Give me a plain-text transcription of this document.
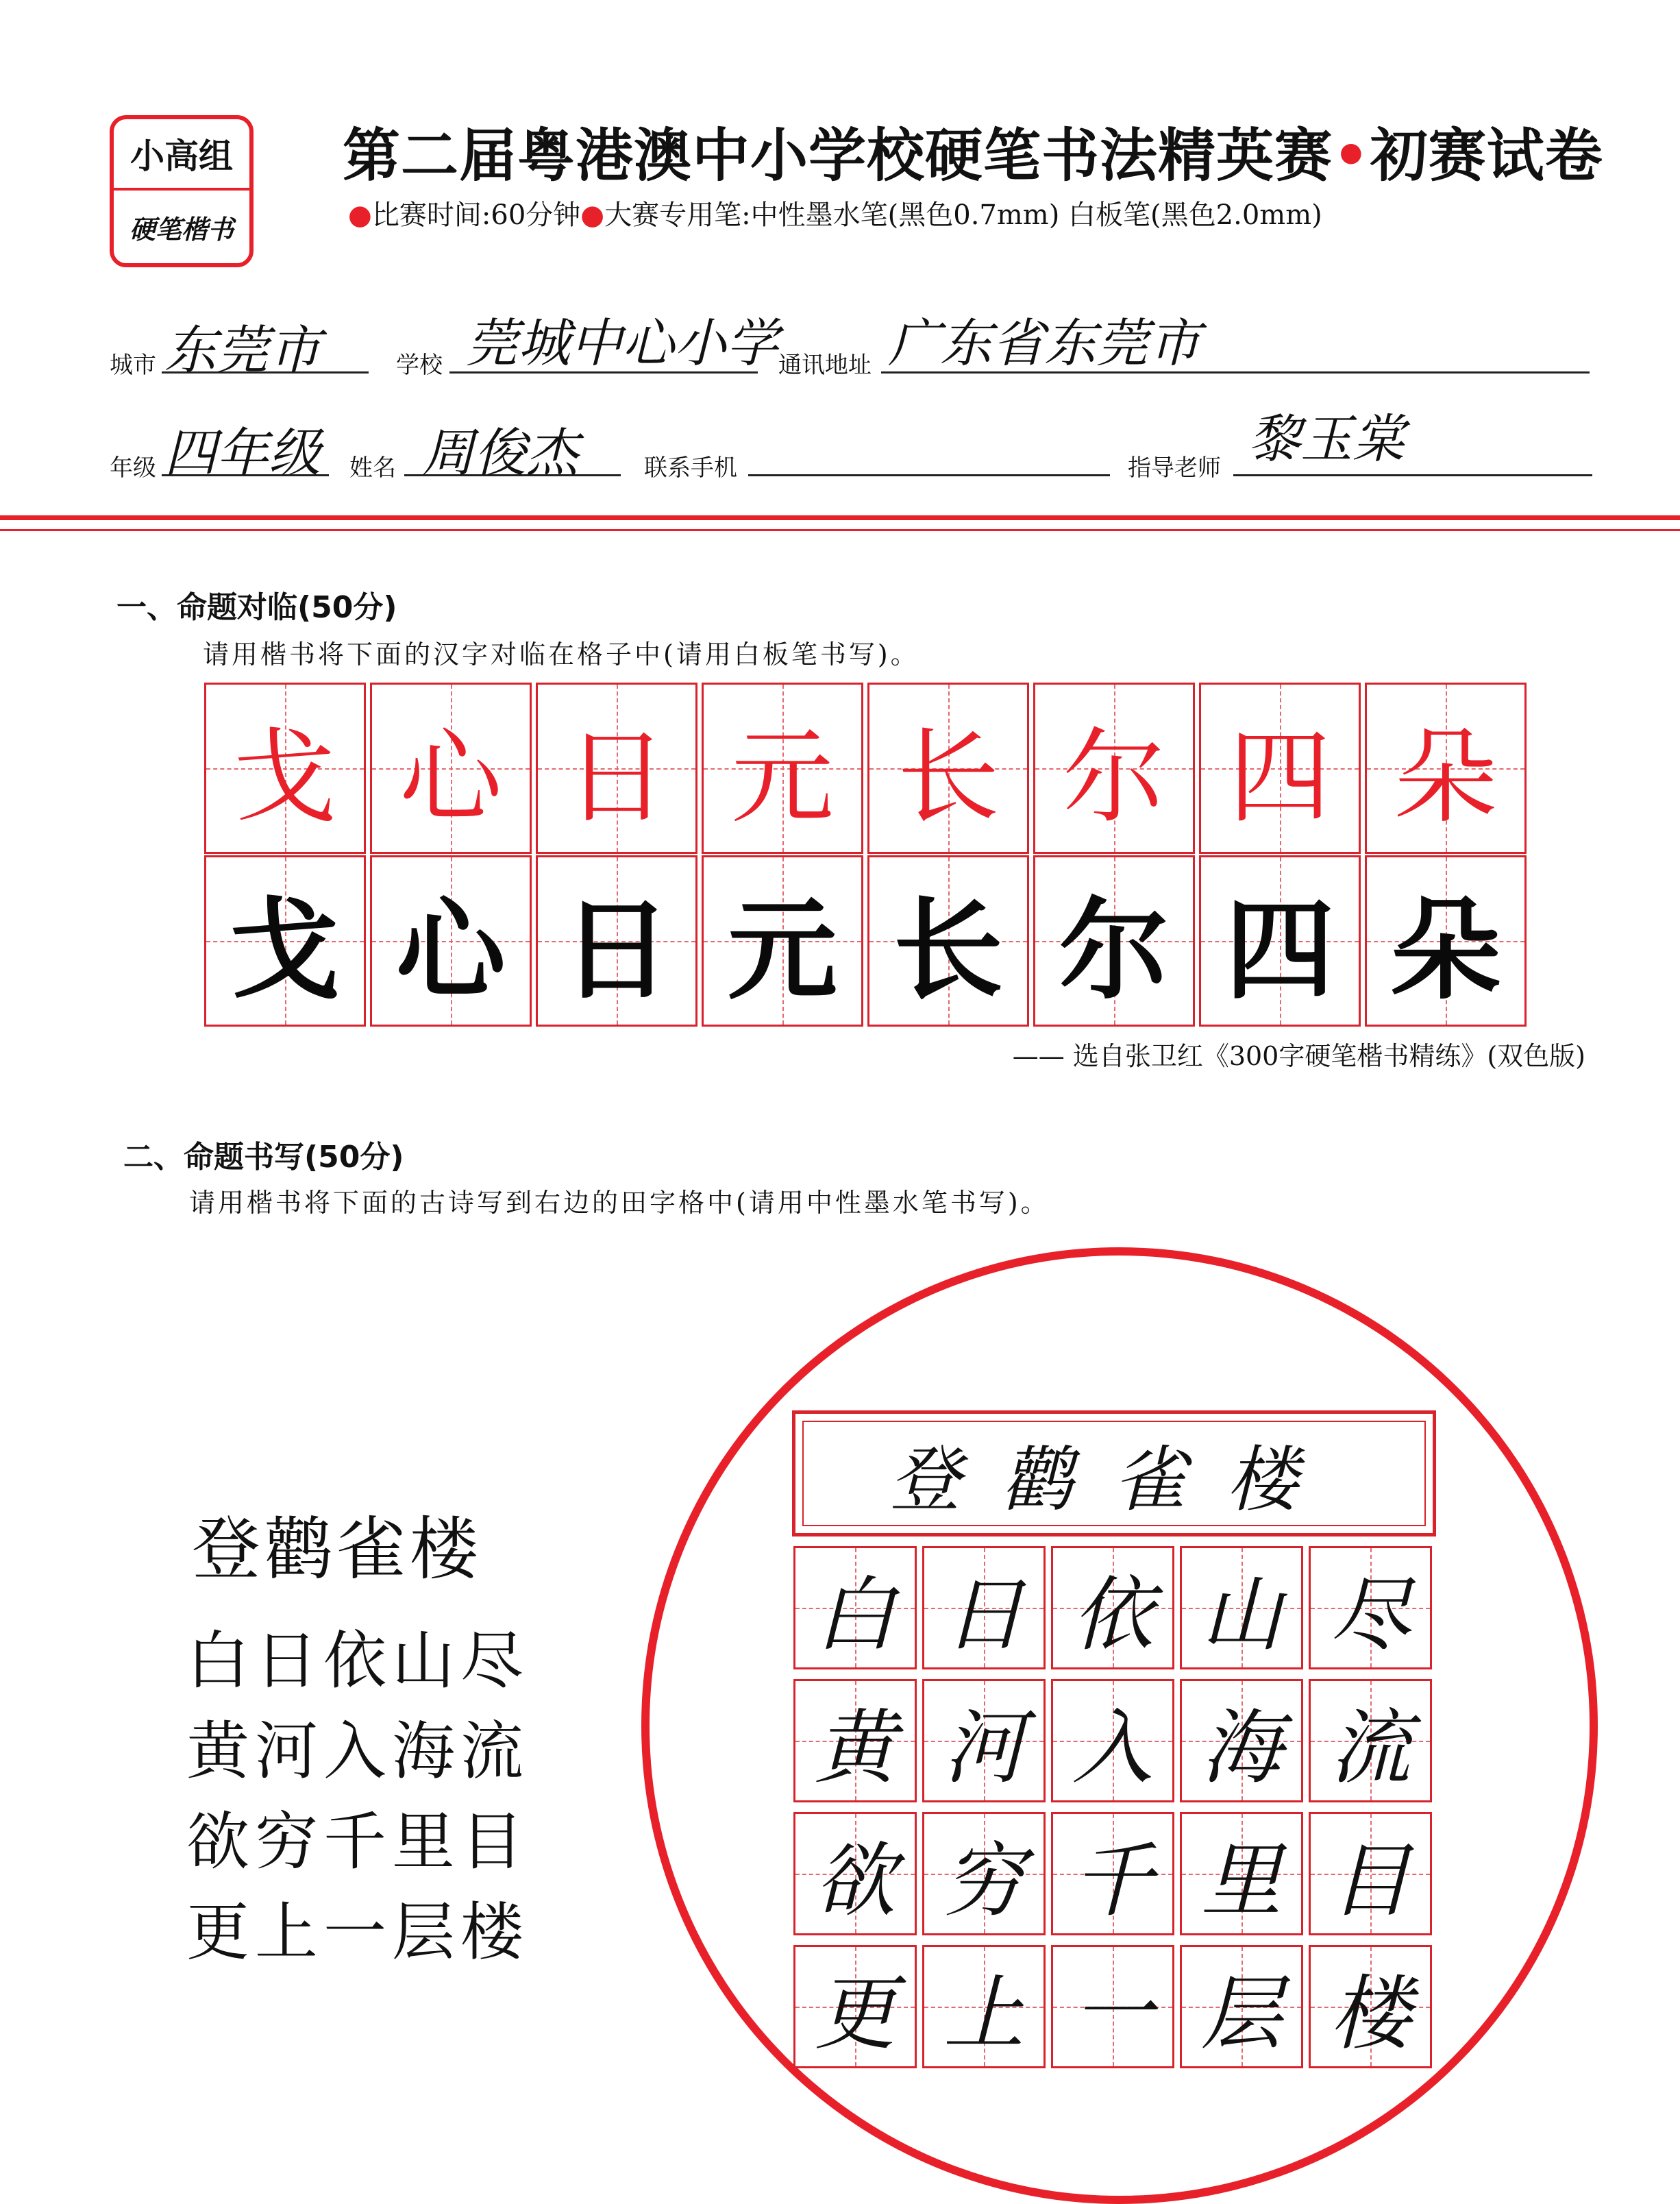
小高组
硬笔楷书
第二届粤港澳中小学校硬笔书法精英赛•初赛试卷
●比赛时间:60分钟●大赛专用笔:中性墨水笔(黑色0.7mm) 白板笔(黑色2.0mm)
城市 东莞市	学校 莞城中心小学 通讯地址 广东省东莞市
年级 四年级 姓名 周俊杰	联系手机	指导老师 黎玉棠
一、命题对临(50分)
请用楷书将下面的汉字对临在格子中(请用白板笔书写)。
戈 心 日 元 长 尔 四 朵
戈 心 日 元 长 尔 四 朵
—— 选自张卫红《300字硬笔楷书精练》(双色版)
二、命题书写(50分)
请用楷书将下面的古诗写到右边的田字格中(请用中性墨水笔书写)。
登鹳雀楼
白日依山尽
黄河入海流
欲穷千里目
更上一层楼
登鹳雀楼
白 日 依 山 尽
黄 河 入 海 流
欲 穷 千 里 目
更 上 一 层 楼
